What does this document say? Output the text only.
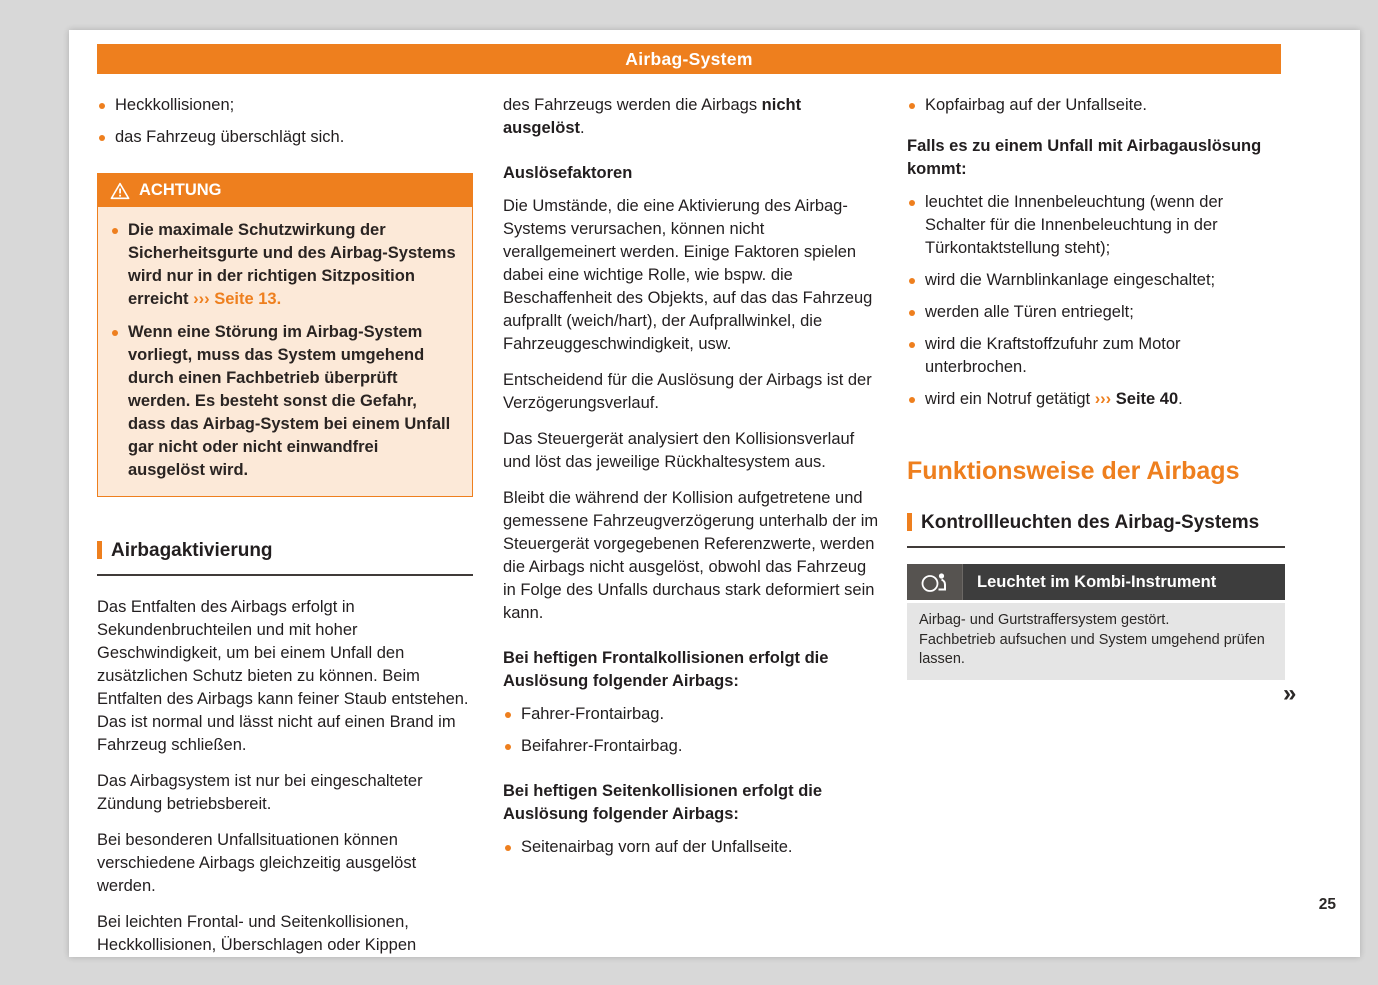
Airbag-System
Heckkollisionen;
das Fahrzeug überschlägt sich.
ACHTUNG
Die maximale Schutzwirkung der Sicherheitsgurte und des Airbag-Systems wird nur in der richtigen Sitzposition erreicht ››› Seite 13.
Wenn eine Störung im Airbag-System vorliegt, muss das System umgehend durch einen Fachbetrieb überprüft werden. Es besteht sonst die Gefahr, dass das Airbag-System bei einem Unfall gar nicht oder nicht einwandfrei ausgelöst wird.
Airbagaktivierung

Das Entfalten des Airbags erfolgt in Sekundenbruchteilen und mit hoher Geschwindigkeit, um bei einem Unfall den zusätzlichen Schutz bieten zu können. Beim Entfalten des Airbags kann feiner Staub entstehen. Das ist normal und lässt nicht auf einen Brand im Fahrzeug schließen.

Das Airbagsystem ist nur bei eingeschalteter Zündung betriebsbereit.

Bei besonderen Unfallsituationen können verschiedene Airbags gleichzeitig ausgelöst werden.

Bei leichten Frontal- und Seitenkollisionen, Heckkollisionen, Überschlagen oder Kippen

des Fahrzeugs werden die Airbags nicht ausgelöst.

Auslösefaktoren

Die Umstände, die eine Aktivierung des Airbag-Systems verursachen, können nicht verallgemeinert werden. Einige Faktoren spielen dabei eine wichtige Rolle, wie bspw. die Beschaffenheit des Objekts, auf das das Fahrzeug aufprallt (weich/hart), der Aufprallwinkel, die Fahrzeuggeschwindigkeit, usw.

Entscheidend für die Auslösung der Airbags ist der Verzögerungsverlauf.

Das Steuergerät analysiert den Kollisionsverlauf und löst das jeweilige Rückhaltesystem aus.

Bleibt die während der Kollision aufgetretene und gemessene Fahrzeugverzögerung unterhalb der im Steuergerät vorgegebenen Referenzwerte, werden die Airbags nicht ausgelöst, obwohl das Fahrzeug in Folge des Unfalls durchaus stark deformiert sein kann.

Bei heftigen Frontalkollisionen erfolgt die Auslösung folgender Airbags:
Fahrer-Frontairbag.
Beifahrer-Frontairbag.
Bei heftigen Seitenkollisionen erfolgt die Auslösung folgender Airbags:
Seitenairbag vorn auf der Unfallseite.
Kopfairbag auf der Unfallseite.
Falls es zu einem Unfall mit Airbagauslösung kommt:
leuchtet die Innenbeleuchtung (wenn der Schalter für die Innenbeleuchtung in der Türkontaktstellung steht);
wird die Warnblinkanlage eingeschaltet;
werden alle Türen entriegelt;
wird die Kraftstoffzufuhr zum Motor unterbrochen.
wird ein Notruf getätigt ››› Seite 40.
Funktionsweise der Airbags
Kontrollleuchten des Airbag-Systems
Leuchtet im Kombi-Instrument
Airbag- und Gurtstraffersystem gestört.
Fachbetrieb aufsuchen und System umgehend prüfen lassen.
»
25
